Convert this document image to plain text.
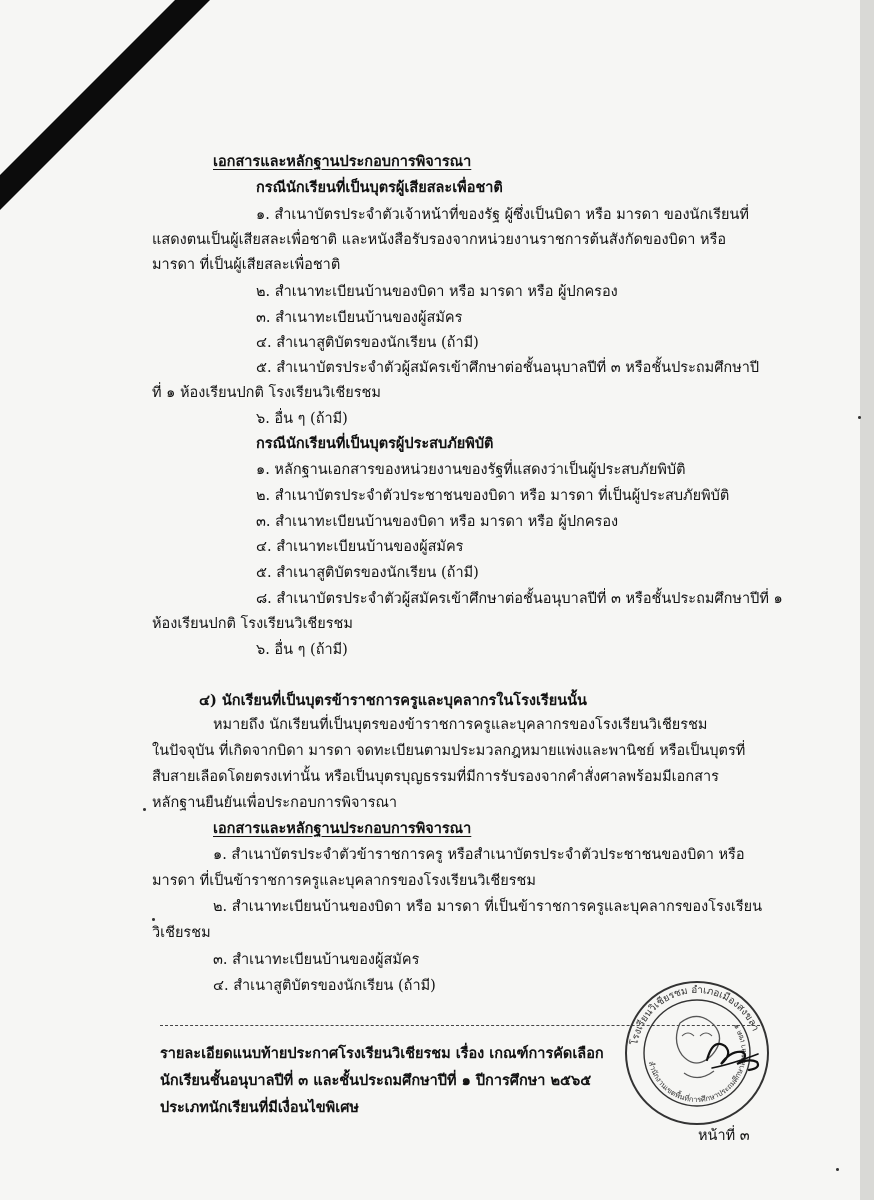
เอกสารและหลักฐานประกอบการพิจารณา
กรณีนักเรียนที่เป็นบุตรผู้เสียสละเพื่อชาติ
๑. สำเนาบัตรประจำตัวเจ้าหน้าที่ของรัฐ ผู้ซึ่งเป็นบิดา หรือ มารดา ของนักเรียนที่
แสดงตนเป็นผู้เสียสละเพื่อชาติ และหนังสือรับรองจากหน่วยงานราชการต้นสังกัดของบิดา หรือ
มารดา ที่เป็นผู้เสียสละเพื่อชาติ
๒. สำเนาทะเบียนบ้านของบิดา หรือ มารดา หรือ ผู้ปกครอง
๓. สำเนาทะเบียนบ้านของผู้สมัคร
๔. สำเนาสูติบัตรของนักเรียน (ถ้ามี)
๕. สำเนาบัตรประจำตัวผู้สมัครเข้าศึกษาต่อชั้นอนุบาลปีที่ ๓ หรือชั้นประถมศึกษาปี
ที่ ๑ ห้องเรียนปกติ โรงเรียนวิเชียรชม
๖. อื่น ๆ (ถ้ามี)
กรณีนักเรียนที่เป็นบุตรผู้ประสบภัยพิบัติ
๑. หลักฐานเอกสารของหน่วยงานของรัฐที่แสดงว่าเป็นผู้ประสบภัยพิบัติ
๒. สำเนาบัตรประจำตัวประชาชนของบิดา หรือ มารดา ที่เป็นผู้ประสบภัยพิบัติ
๓. สำเนาทะเบียนบ้านของบิดา หรือ มารดา หรือ ผู้ปกครอง
๔. สำเนาทะเบียนบ้านของผู้สมัคร
๕. สำเนาสูติบัตรของนักเรียน (ถ้ามี)
๘. สำเนาบัตรประจำตัวผู้สมัครเข้าศึกษาต่อชั้นอนุบาลปีที่ ๓ หรือชั้นประถมศึกษาปีที่ ๑
ห้องเรียนปกติ โรงเรียนวิเชียรชม
๖. อื่น ๆ (ถ้ามี)
๔) นักเรียนที่เป็นบุตรข้าราชการครูและบุคลากรในโรงเรียนนั้น
หมายถึง นักเรียนที่เป็นบุตรของข้าราชการครูและบุคลากรของโรงเรียนวิเชียรชม
ในปัจจุบัน ที่เกิดจากบิดา มารดา จดทะเบียนตามประมวลกฎหมายแพ่งและพานิชย์ หรือเป็นบุตรที่
สืบสายเลือดโดยตรงเท่านั้น หรือเป็นบุตรบุญธรรมที่มีการรับรองจากคำสั่งศาลพร้อมมีเอกสาร
หลักฐานยืนยันเพื่อประกอบการพิจารณา
เอกสารและหลักฐานประกอบการพิจารณา
๑. สำเนาบัตรประจำตัวข้าราชการครู หรือสำเนาบัตรประจำตัวประชาชนของบิดา หรือ
มารดา ที่เป็นข้าราชการครูและบุคลากรของโรงเรียนวิเชียรชม
๒. สำเนาทะเบียนบ้านของบิดา หรือ มารดา ที่เป็นข้าราชการครูและบุคลากรของโรงเรียน
วิเชียรชม
๓. สำเนาทะเบียนบ้านของผู้สมัคร
๔. สำเนาสูติบัตรของนักเรียน (ถ้ามี)
รายละเอียดแนบท้ายประกาศโรงเรียนวิเชียรชม เรื่อง เกณฑ์การคัดเลือก
นักเรียนชั้นอนุบาลปีที่ ๓ และชั้นประถมศึกษาปีที่ ๑ ปีการศึกษา ๒๕๖๕
ประเภทนักเรียนที่มีเงื่อนไขพิเศษ
หน้าที่ ๓
โรงเรียนวิเชียรชม อำเภอเมืองสงขลา
สำนักงานเขตพื้นที่การศึกษาประถมศึกษาสงขลา เขต ๑
